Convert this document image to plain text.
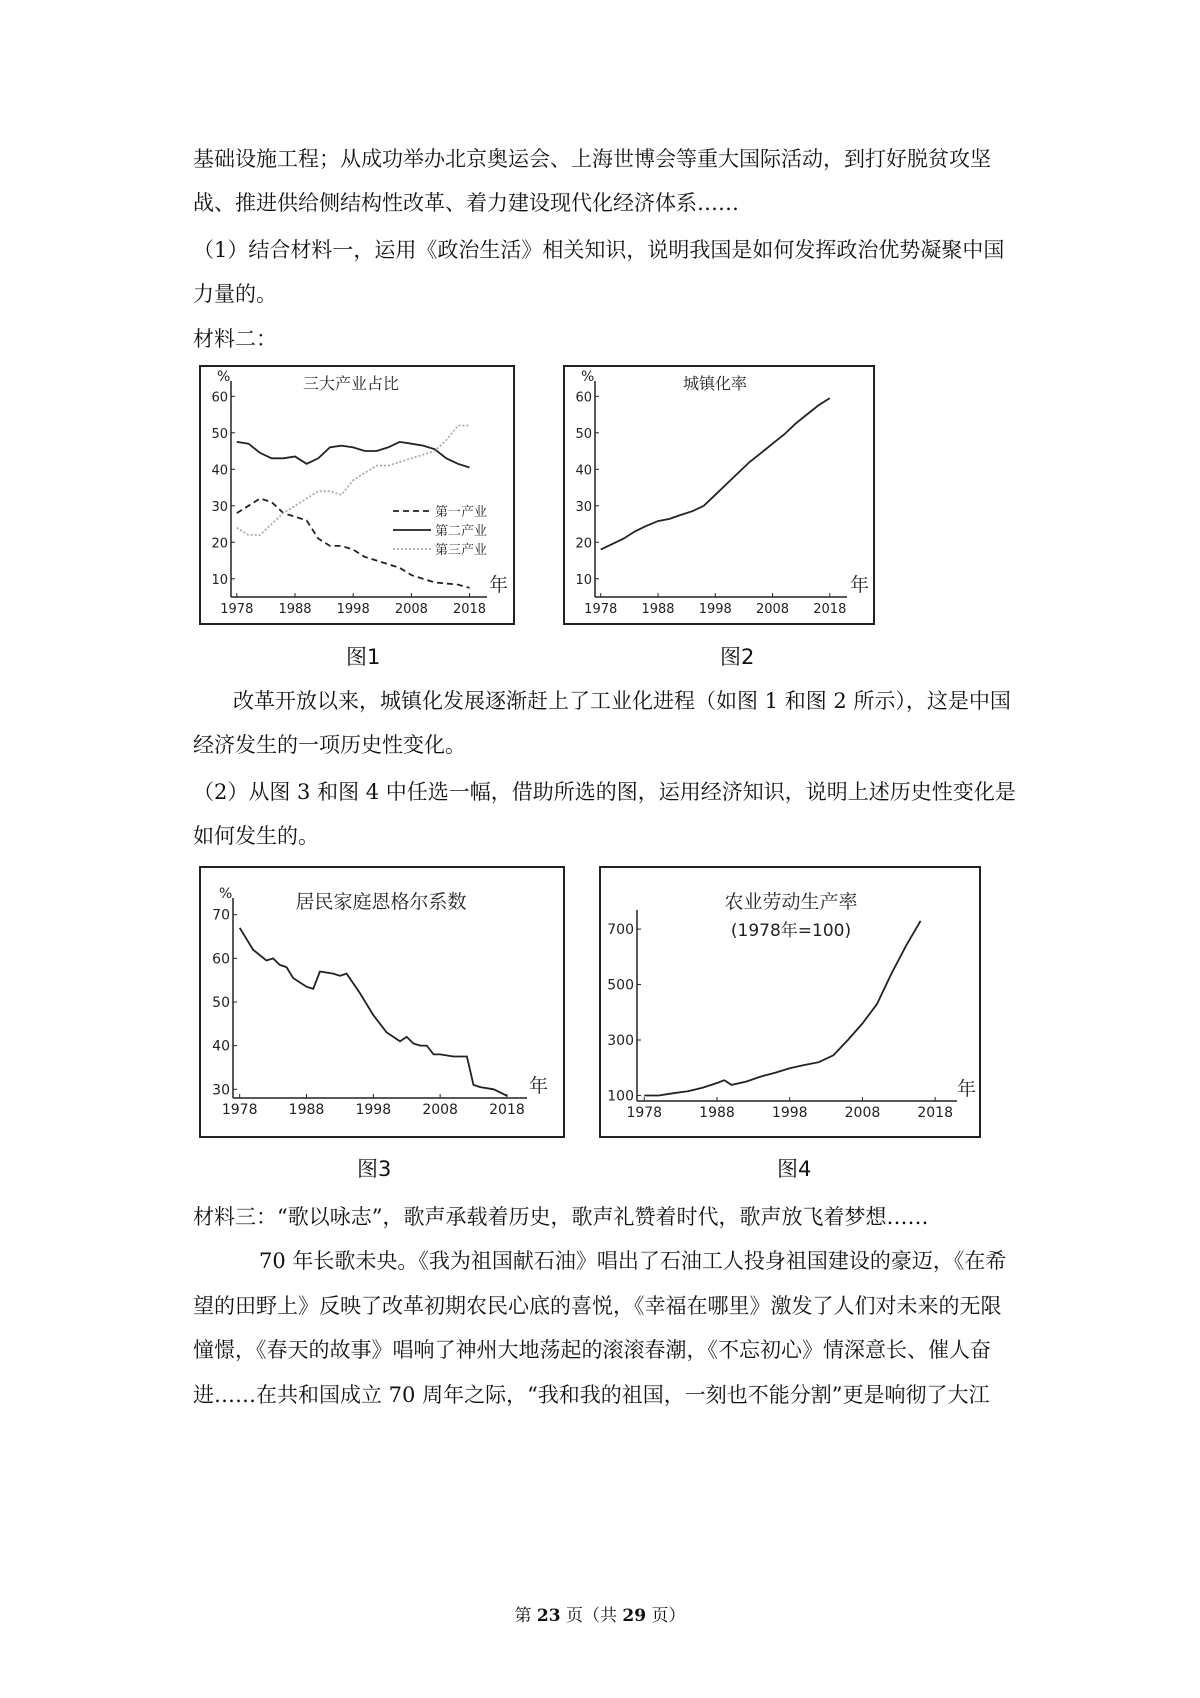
基础设施工程；从成功举办北京奥运会、上海世博会等重大国际活动，到打好脱贫攻坚
战、推进供给侧结构性改革、着力建设现代化经济体系……
（1）结合材料一，运用《政治生活》相关知识，说明我国是如何发挥政治优势凝聚中国
力量的。
材料二：
三大产业占比
%
年
10
20
30
40
50
60
1978 1988 1998 2008 2018
第一产业
第二产业
第三产业
城镇化率
%
年
10
20
30
40
50
60
1978 1988 1998 2008 2018
图1	图2
改革开放以来，城镇化发展逐渐赶上了工业化进程（如图 1 和图 2 所示），这是中国
经济发生的一项历史性变化。
（2）从图 3 和图 4 中任选一幅，借助所选的图，运用经济知识，说明上述历史性变化是
如何发生的。
居民家庭恩格尔系数
%
年
30
40
50
60
70
1978 1988 1998 2008 2018
农业劳动生产率
(1978年=100)
年
100
300
500
700
1978	1988	1998	2008	2018
图3	图4
材料三：“歌以咏志”，歌声承载着历史，歌声礼赞着时代，歌声放飞着梦想……
70 年长歌未央。《我为祖国献石油》唱出了石油工人投身祖国建设的豪迈，《在希
望的田野上》反映了改革初期农民心底的喜悦，《幸福在哪里》激发了人们对未来的无限
憧憬，《春天的故事》唱响了神州大地荡起的滚滚春潮，《不忘初心》情深意长、催人奋
进……在共和国成立 70 周年之际，“我和我的祖国，一刻也不能分割”更是响彻了大江
第 23 页（共 29 页）
